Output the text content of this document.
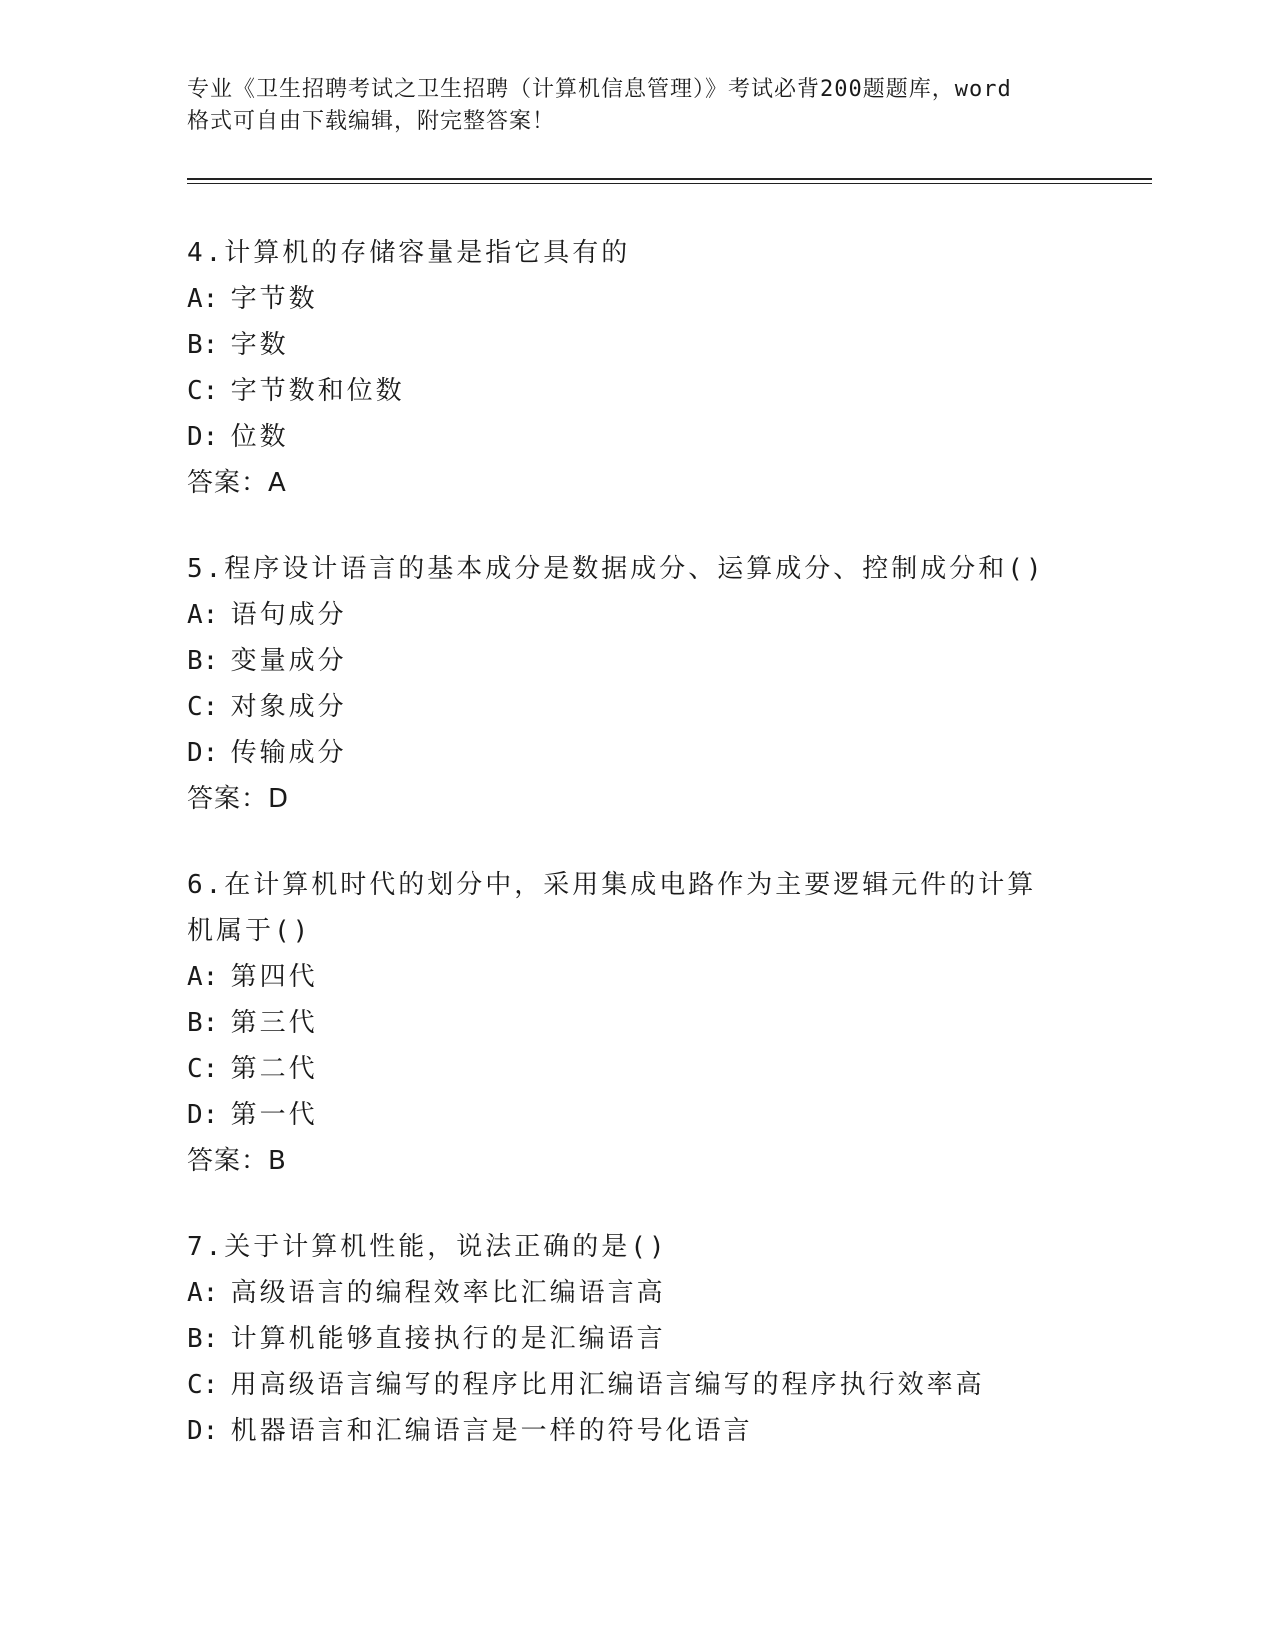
专业《卫生招聘考试之卫生招聘（计算机信息管理）》考试必背200题题库，word
格式可自由下载编辑，附完整答案！
4.计算机的存储容量是指它具有的
A: 字节数
B: 字数
C: 字节数和位数
D: 位数
答案：A
5.程序设计语言的基本成分是数据成分、运算成分、控制成分和()
A: 语句成分
B: 变量成分
C: 对象成分
D: 传输成分
答案：D
6.在计算机时代的划分中，采用集成电路作为主要逻辑元件的计算机属于()
A: 第四代
B: 第三代
C: 第二代
D: 第一代
答案：B
7.关于计算机性能，说法正确的是()
A: 高级语言的编程效率比汇编语言高
B: 计算机能够直接执行的是汇编语言
C: 用高级语言编写的程序比用汇编语言编写的程序执行效率高
D: 机器语言和汇编语言是一样的符号化语言
